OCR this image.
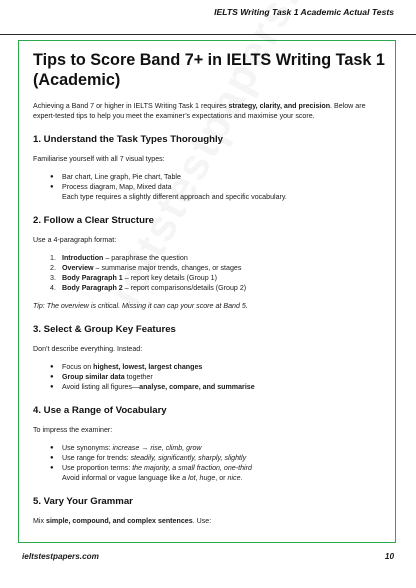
IELTS Writing Task 1 Academic Actual Tests
Tips to Score Band 7+ in IELTS Writing Task 1 (Academic)

Achieving a Band 7 or higher in IELTS Writing Task 1 requires strategy, clarity, and precision. Below are expert-tested tips to help you meet the examiner’s expectations and maximise your score.

1. Understand the Task Types Thoroughly

Familiarise yourself with all 7 visual types:

● Bar chart, Line graph, Pie chart, Table
● Process diagram, Map, Mixed data
Each type requires a slightly different approach and specific vocabulary.
2. Follow a Clear Structure

Use a 4-paragraph format:

1. Introduction – paraphrase the question
2. Overview – summarise major trends, changes, or stages
3. Body Paragraph 1 – report key details (Group 1)
4. Body Paragraph 2 – report comparisons/details (Group 2)

Tip: The overview is critical. Missing it can cap your score at Band 5.

3. Select & Group Key Features

Don’t describe everything. Instead:

● Focus on highest, lowest, largest changes
● Group similar data together
● Avoid listing all figures—analyse, compare, and summarise
4. Use a Range of Vocabulary

To impress the examiner:

● Use synonyms: increase → rise, climb, grow
● Use range for trends: steadily, significantly, sharply, slightly
● Use proportion terms: the majority, a small fraction, one-third
Avoid informal or vague language like a lot, huge, or nice.
5. Vary Your Grammar

Mix simple, compound, and complex sentences. Use:

ieltstestpapers.com	10
